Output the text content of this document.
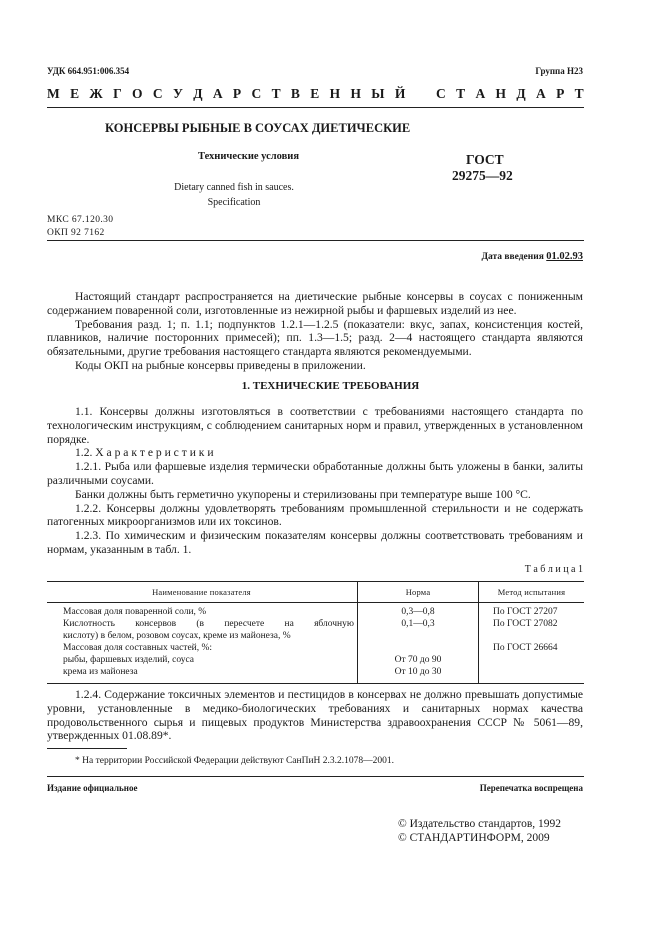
УДК 664.951:006.354	Группа Н23
М Е Ж Г О С У Д А Р С Т В Е Н Н Ы Й С Т А Н Д А Р Т
КОНСЕРВЫ РЫБНЫЕ В СОУСАХ ДИЕТИЧЕСКИЕ
Технические условия
Dietary canned fish in sauces.
Specification
ГОСТ
29275—92
МКС 67.120.30
ОКП 92 7162
Дата введения 01.02.93

Настоящий стандарт распространяется на диетические рыбные консервы в соусах с пониженным содержанием поваренной соли, изготовленные из нежирной рыбы и фаршевых изделий из нее.

Требования разд. 1; п. 1.1; подпунктов 1.2.1—1.2.5 (показатели: вкус, запах, консистенция костей, плавников, наличие посторонних примесей); пп. 1.3—1.5; разд. 2—4 настоящего стандарта являются обязательными, другие требования настоящего стандарта являются рекомендуемыми.

Коды ОКП на рыбные консервы приведены в приложении.

1. ТЕХНИЧЕСКИЕ ТРЕБОВАНИЯ

1.1. Консервы должны изготовляться в соответствии с требованиями настоящего стандарта по технологическим инструкциям, с соблюдением санитарных норм и правил, утвержденных в установленном порядке.

1.2. Х а р а к т е р и с т и к и

1.2.1. Рыба или фаршевые изделия термически обработанные должны быть уложены в банки, залиты различными соусами.

Банки должны быть герметично укупорены и стерилизованы при температуре выше 100 °С.

1.2.2. Консервы должны удовлетворять требованиям промышленной стерильности и не содержать патогенных микроорганизмов или их токсинов.

1.2.3. По химическим и физическим показателям консервы должны соответствовать требованиям и нормам, указанным в табл. 1.

Т а б л и ц а 1
Наименование показателя	Норма	Метод испытания
Массовая доля поваренной соли, %	0,3—0,8	По ГОСТ 27207

Кислотность консервов (в пересчете на яблочную
кислоту) в белом, розовом соусах, креме из майонеза, %	0,1—0,3	По ГОСТ 27082
Массовая доля составных частей, %:		По ГОСТ 26664
рыбы, фаршевых изделий, соуса	От 70 до 90	
крема из майонеза	От 10 до 30	

1.2.4. Содержание токсичных элементов и пестицидов в консервах не должно превышать допустимые уровни, установленные в медико-биологических требованиях и санитарных нормах качества продовольственного сырья и пищевых продуктов Министерства здравоохранения СССР № 5061—89, утвержденных 01.08.89*.

* На территории Российской Федерации действуют СанПиН 2.3.2.1078—2001.
Издание официальное	Перепечатка воспрещена
© Издательство стандартов, 1992
© СТАНДАРТИНФОРМ, 2009
